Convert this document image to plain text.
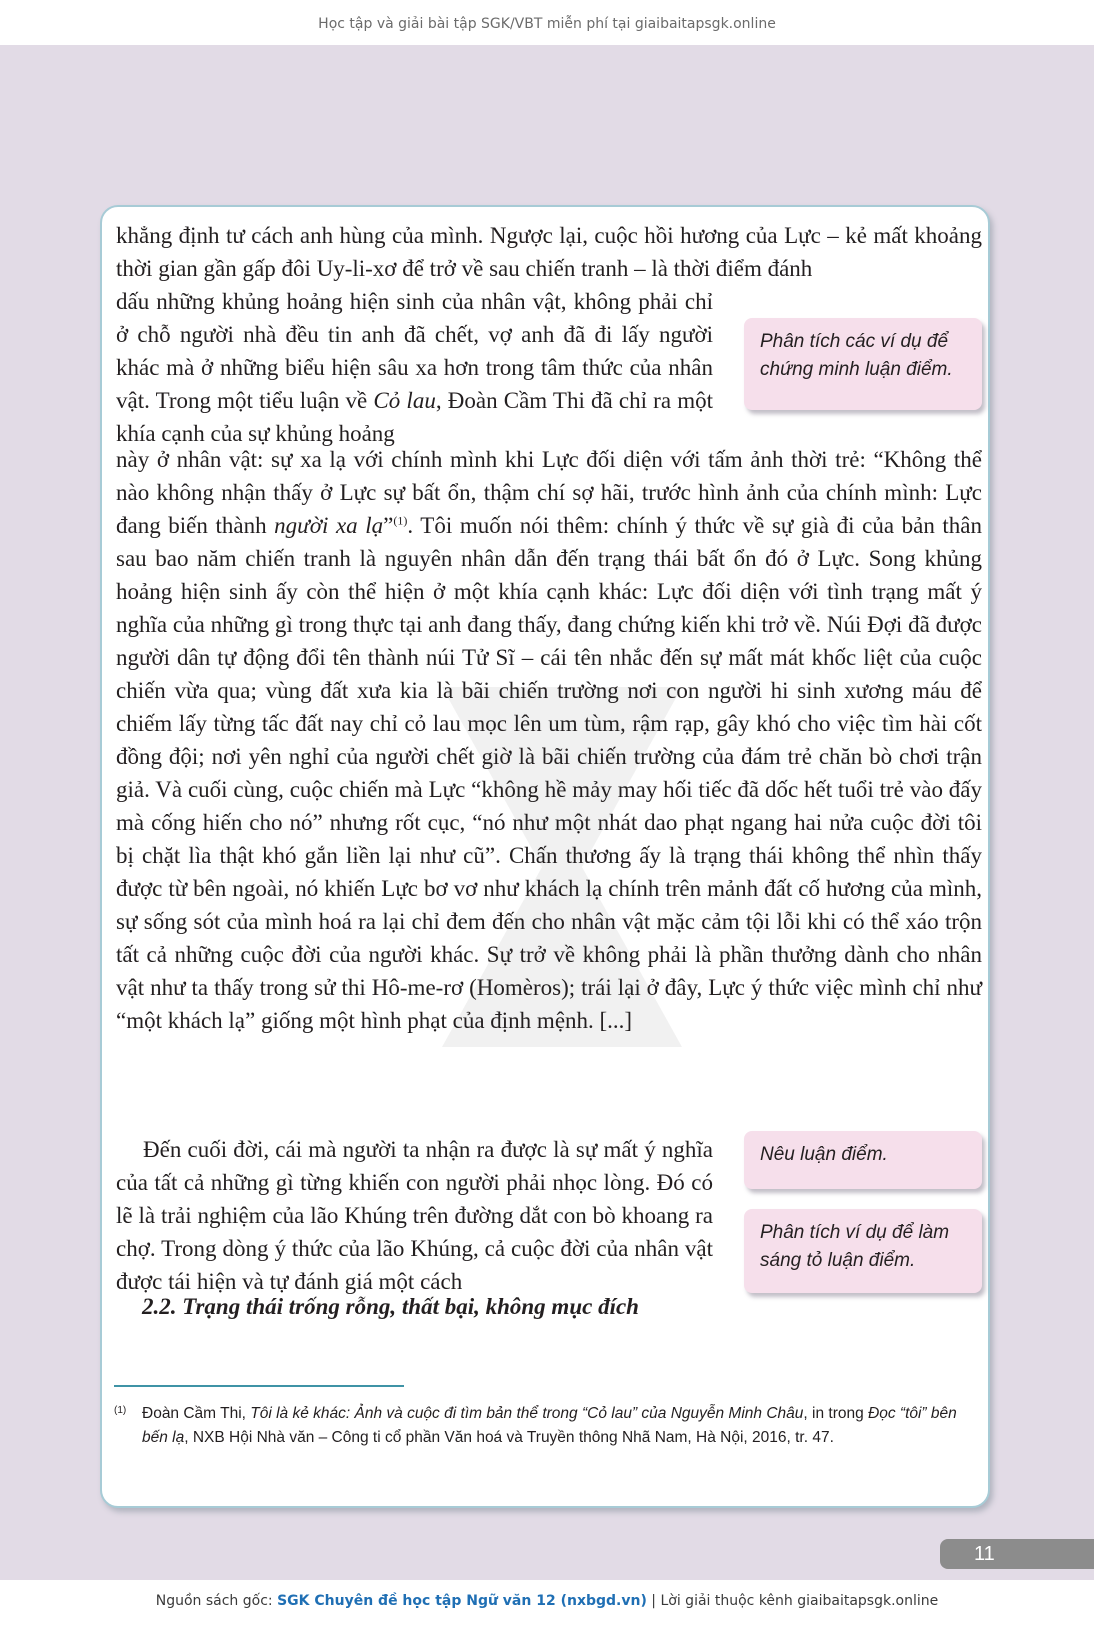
Học tập và giải bài tập SGK/VBT miễn phí tại giaibaitapsgk.online

khẳng định tư cách anh hùng của mình. Ngược lại, cuộc hồi hương của Lực – kẻ mất khoảng thời gian gần gấp đôi Uy-li-xơ để trở về sau chiến tranh – là thời điểm đánh

dấu những khủng hoảng hiện sinh của nhân vật, không phải chỉ ở chỗ người nhà đều tin anh đã chết, vợ anh đã đi lấy người khác mà ở những biểu hiện sâu xa hơn trong tâm thức của nhân vật. Trong một tiểu luận về Cỏ lau, Đoàn Cầm Thi đã chỉ ra một khía cạnh của sự khủng hoảng

Phân tích các ví dụ để chứng minh luận điểm.

này ở nhân vật: sự xa lạ với chính mình khi Lực đối diện với tấm ảnh thời trẻ: “Không thể nào không nhận thấy ở Lực sự bất ổn, thậm chí sợ hãi, trước hình ảnh của chính mình: Lực đang biến thành người xa lạ”$^{(1)}$. Tôi muốn nói thêm: chính ý thức về sự già đi của bản thân sau bao năm chiến tranh là nguyên nhân dẫn đến trạng thái bất ổn đó ở Lực. Song khủng hoảng hiện sinh ấy còn thể hiện ở một khía cạnh khác: Lực đối diện với tình trạng mất ý nghĩa của những gì trong thực tại anh đang thấy, đang chứng kiến khi trở về. Núi Đợi đã được người dân tự động đổi tên thành núi Tử Sĩ – cái tên nhắc đến sự mất mát khốc liệt của cuộc chiến vừa qua; vùng đất xưa kia là bãi chiến trường nơi con người hi sinh xương máu để chiếm lấy từng tấc đất nay chỉ cỏ lau mọc lên um tùm, rậm rạp, gây khó cho việc tìm hài cốt đồng đội; nơi yên nghỉ của người chết giờ là bãi chiến trường của đám trẻ chăn bò chơi trận giả. Và cuối cùng, cuộc chiến mà Lực “không hề mảy may hối tiếc đã dốc hết tuổi trẻ vào đấy mà cống hiến cho nó” nhưng rốt cục, “nó như một nhát dao phạt ngang hai nửa cuộc đời tôi bị chặt lìa thật khó gắn liền lại như cũ”. Chấn thương ấy là trạng thái không thể nhìn thấy được từ bên ngoài, nó khiến Lực bơ vơ như khách lạ chính trên mảnh đất cố hương của mình, sự sống sót của mình hoá ra lại chỉ đem đến cho nhân vật mặc cảm tội lỗi khi có thể xáo trộn tất cả những cuộc đời của người khác. Sự trở về không phải là phần thưởng dành cho nhân vật như ta thấy trong sử thi Hô-me-rơ (Homèros); trái lại ở đây, Lực ý thức việc mình chỉ như “một khách lạ” giống một hình phạt của định mệnh. [...]

2.2. Trạng thái trống rỗng, thất bại, không mục đích

Đến cuối đời, cái mà người ta nhận ra được là sự mất ý nghĩa của tất cả những gì từng khiến con người phải nhọc lòng. Đó có lẽ là trải nghiệm của lão Khúng trên đường dắt con bò khoang ra chợ. Trong dòng ý thức của lão Khúng, cả cuộc đời của nhân vật được tái hiện và tự đánh giá một cách

Nêu luận điểm.
Phân tích ví dụ để làm sáng tỏ luận điểm.
(1) Đoàn Cầm Thi, Tôi là kẻ khác: Ảnh và cuộc đi tìm bản thể trong “Cỏ lau” của Nguyễn Minh Châu, in trong Đọc “tôi” bên bến lạ, NXB Hội Nhà văn – Công ti cổ phần Văn hoá và Truyền thông Nhã Nam, Hà Nội, 2016, tr. 47.
11
Nguồn sách gốc: SGK Chuyên đề học tập Ngữ văn 12 (nxbgd.vn) | Lời giải thuộc kênh giaibaitapsgk.online
